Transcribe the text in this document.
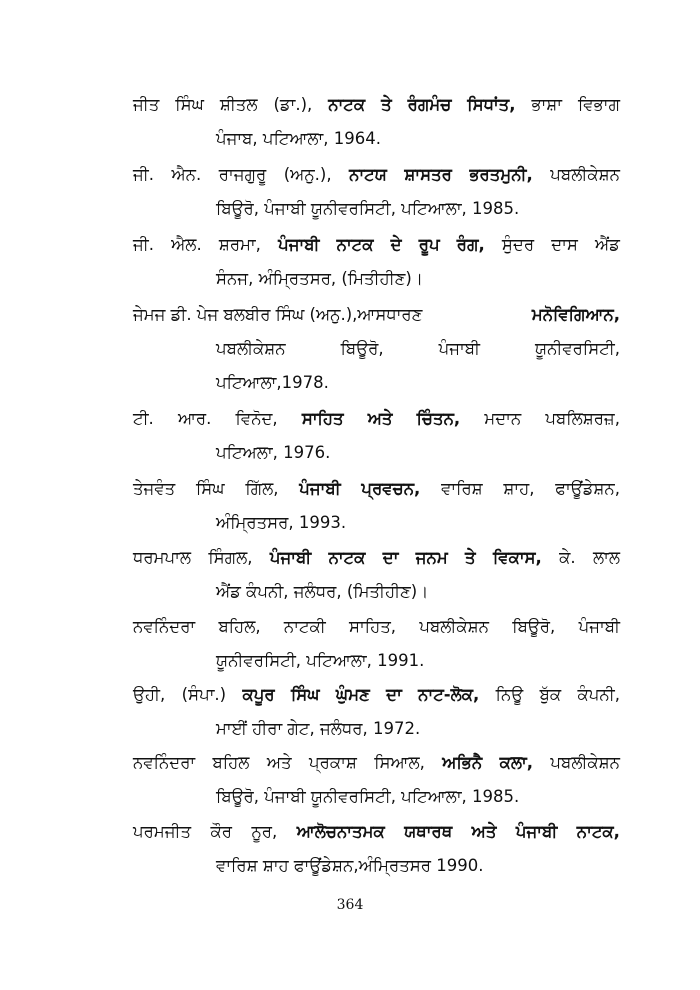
ਜੀਤ ਸਿੰਘ ਸ਼ੀਤਲ (ਡਾ.), ਨਾਟਕ ਤੇ ਰੰਗਮੰਚ ਸਿਧਾਂਤ, ਭਾਸ਼ਾ ਵਿਭਾਗ
ਪੰਜਾਬ, ਪਟਿਆਲਾ, 1964.
ਜੀ. ਐਨ. ਰਾਜਗੁਰੂ (ਅਨੁ.), ਨਾਟਯ ਸ਼ਾਸਤਰ ਭਰਤਮੁਨੀ, ਪਬਲੀਕੇਸ਼ਨ
ਬਿਊਰੋ, ਪੰਜਾਬੀ ਯੂਨੀਵਰਸਿਟੀ, ਪਟਿਆਲਾ, 1985.
ਜੀ. ਐਲ. ਸ਼ਰਮਾ, ਪੰਜਾਬੀ ਨਾਟਕ ਦੇ ਰੂਪ ਰੰਗ, ਸੁੰਦਰ ਦਾਸ ਐਂਡ
ਸੰਨਜ, ਅੰਮ੍ਰਿਤਸਰ, (ਮਿਤੀਹੀਣ)।
ਜੇਮਜ ਡੀ. ਪੇਜ ਬਲਬੀਰ ਸਿੰਘ (ਅਨੁ.),ਆਸਧਾਰਣ	ਮਨੋਵਿਗਿਆਨ,
ਪਬਲੀਕੇਸ਼ਨ	ਬਿਊਰੋ,	ਪੰਜਾਬੀ	ਯੂਨੀਵਰਸਿਟੀ,
ਪਟਿਆਲਾ,1978.
ਟੀ. ਆਰ. ਵਿਨੋਦ, ਸਾਹਿਤ ਅਤੇ ਚਿੰਤਨ, ਮਦਾਨ ਪਬਲਿਸ਼ਰਜ਼,
ਪਟਿਅਲਾ, 1976.
ਤੇਜਵੰਤ ਸਿੰਘ ਗਿੱਲ, ਪੰਜਾਬੀ ਪ੍ਰਵਚਨ, ਵਾਰਿਸ਼ ਸ਼ਾਹ, ਫਾਊਂਡੇਸ਼ਨ,
ਅੰਮ੍ਰਿਤਸਰ, 1993.
ਧਰਮਪਾਲ ਸਿੰਗਲ, ਪੰਜਾਬੀ ਨਾਟਕ ਦਾ ਜਨਮ ਤੇ ਵਿਕਾਸ, ਕੇ. ਲਾਲ
ਐਂਡ ਕੰਪਨੀ, ਜਲੰਧਰ, (ਮਿਤੀਹੀਣ)।
ਨਵਨਿੰਦਰਾ ਬਹਿਲ, ਨਾਟਕੀ ਸਾਹਿਤ, ਪਬਲੀਕੇਸ਼ਨ ਬਿਊਰੋ, ਪੰਜਾਬੀ
ਯੂਨੀਵਰਸਿਟੀ, ਪਟਿਆਲਾ, 1991.
ਉਹੀ, (ਸੰਪਾ.) ਕਪੂਰ ਸਿੰਘ ਘੁੰਮਣ ਦਾ ਨਾਟ-ਲੋਕ, ਨਿਊ ਬੁੱਕ ਕੰਪਨੀ,
ਮਾਈਂ ਹੀਰਾ ਗੇਟ, ਜਲੰਧਰ, 1972.
ਨਵਨਿੰਦਰਾ ਬਹਿਲ ਅਤੇ ਪ੍ਰਕਾਸ਼ ਸਿਆਲ, ਅਭਿਨੈ ਕਲਾ, ਪਬਲੀਕੇਸ਼ਨ
ਬਿਊਰੋ, ਪੰਜਾਬੀ ਯੂਨੀਵਰਸਿਟੀ, ਪਟਿਆਲਾ, 1985.
ਪਰਮਜੀਤ ਕੌਰ ਨੂਰ, ਆਲੋਚਨਾਤਮਕ ਯਥਾਰਥ ਅਤੇ ਪੰਜਾਬੀ ਨਾਟਕ,
ਵਾਰਿਸ਼ ਸ਼ਾਹ ਫਾਊਂਡੇਸ਼ਨ,ਅੰਮ੍ਰਿਤਸਰ 1990.
364
